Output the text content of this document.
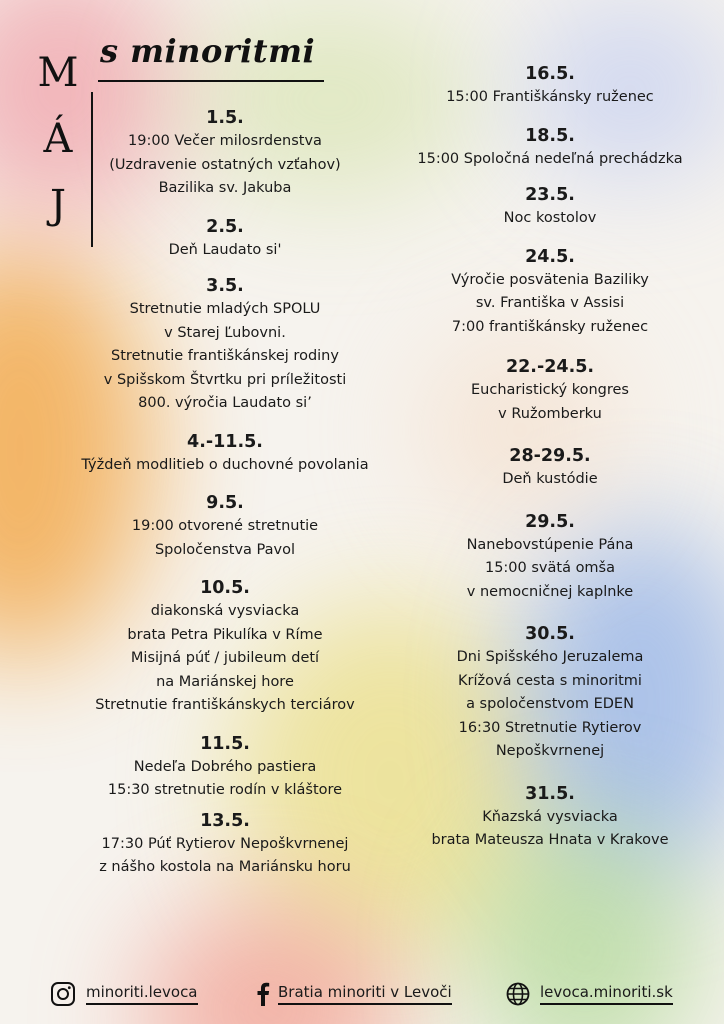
M
Á
J
s minoritmi
1.5.

19:00 Večer milosrdenstva

(Uzdravenie ostatných vzťahov)

Bazilika sv. Jakuba

2.5.

Deň Laudato si'

3.5.

Stretnutie mladých SPOLU

v Starej Ľubovni.

Stretnutie františkánskej rodiny

v Spišskom Štvrtku pri príležitosti

800. výročia Laudato si’

4.-11.5.

Týždeň modlitieb o duchovné povolania

9.5.

19:00 otvorené stretnutie

Spoločenstva Pavol

10.5.

diakonská vysviacka

brata Petra Pikulíka v Ríme

Misijná púť / jubileum detí

na Mariánskej hore

Stretnutie františkánskych terciárov

11.5.

Nedeľa Dobrého pastiera

15:30 stretnutie rodín v kláštore

13.5.

17:30 Púť Rytierov Nepoškvrnenej

z nášho kostola na Mariánsku horu

16.5.

15:00 Františkánsky ruženec

18.5.

15:00 Spoločná nedeľná prechádzka

23.5.

Noc kostolov

24.5.

Výročie posvätenia Baziliky

sv. Františka v Assisi

7:00 františkánsky ruženec

22.-24.5.

Eucharistický kongres

v Ružomberku

28-29.5.

Deň kustódie

29.5.

Nanebovstúpenie Pána

15:00 svätá omša

v nemocničnej kaplnke

30.5.

Dni Spišského Jeruzalema

Krížová cesta s minoritmi

a spoločenstvom EDEN

16:30 Stretnutie Rytierov

Nepoškvrnenej

31.5.

Kňazská vysviacka

brata Mateusza Hnata v Krakove

minoriti.levoca	Bratia minoriti v Levoči	levoca.minoriti.sk
